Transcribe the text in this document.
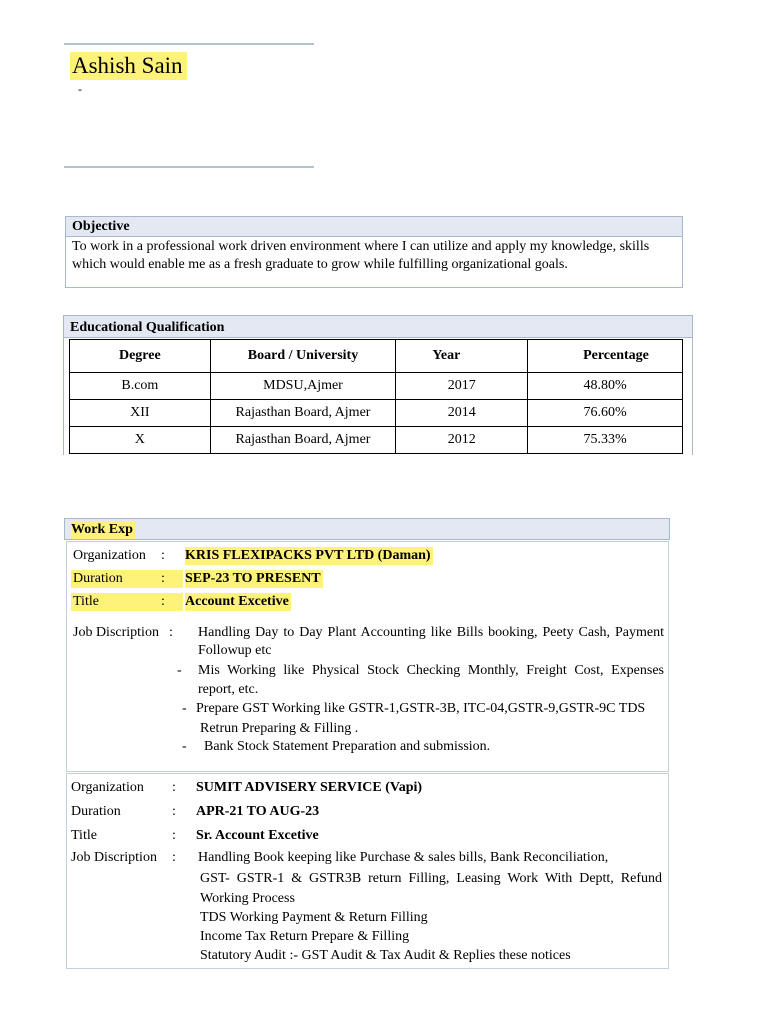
Ashish Sain
-
Objective
To work in a professional work driven environment where I can utilize and apply my knowledge, skills
which would enable me as a fresh graduate to grow while fulfilling organizational goals.
Educational Qualification
Degree	Board / University	Year	Percentage
B.com	MDSU,Ajmer	2017	48.80%
XII	Rajasthan Board, Ajmer	2014	76.60%
X	Rajasthan Board, Ajmer	2012	75.33%
Work Exp
Organization : KRIS FLEXIPACKS PVT LTD (Daman)
Duration	: SEP-23 TO PRESENT
Title	: Account Excetive
Job Discription : Handling Day to Day Plant Accounting like Bills booking, Peety Cash, Payment
Followup etc
- Mis Working like Physical Stock Checking Monthly, Freight Cost, Expenses
report, etc.
- Prepare GST Working like GSTR-1,GSTR-3B, ITC-04,GSTR-9,GSTR-9C TDS
Retrun Preparing & Filling .
- Bank Stock Statement Preparation and submission.
Organization : SUMIT ADVISERY SERVICE (Vapi)
Duration	: APR-21 TO AUG-23
Title	: Sr. Account Excetive
Job Discription : Handling Book keeping like Purchase & sales bills, Bank Reconciliation,
GST- GSTR-1 & GSTR3B return Filling, Leasing Work With Deptt, Refund
Working Process
TDS Working Payment & Return Filling
Income Tax Return Prepare & Filling
Statutory Audit :- GST Audit & Tax Audit & Replies these notices
